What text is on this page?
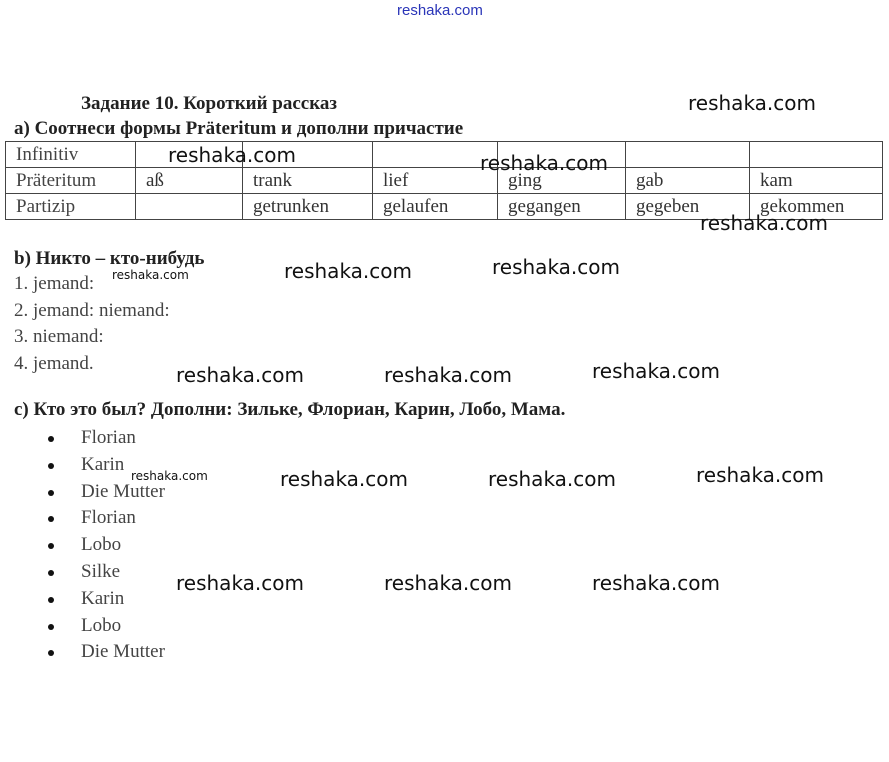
reshaka.com
Задание 10. Короткий рассказ
а) Соотнеси формы Präteritum и дополни причастие
Infinitiv						
Präteritum	aß	trank	lief	ging	gab	kam
Partizip		getrunken	gelaufen	gegangen	gegeben	gekommen
b) Никто – кто-нибудь
1. jemand:
2. jemand: niemand:
3. niemand:
4. jemand.
c) Кто это был? Дополни: Зильке, Флориан, Карин, Лобо, Мама.
Florian
Karin
Die Mutter
Florian
Lobo
Silke
Karin
Lobo
Die Mutter
reshaka.com
reshaka.com	reshaka.com
reshaka.com
reshaka.com	reshaka.com	reshaka.com
reshaka.com	reshaka.com	reshaka.com
reshaka.com	reshaka.com	reshaka.com	reshaka.com
reshaka.com	reshaka.com	reshaka.com
